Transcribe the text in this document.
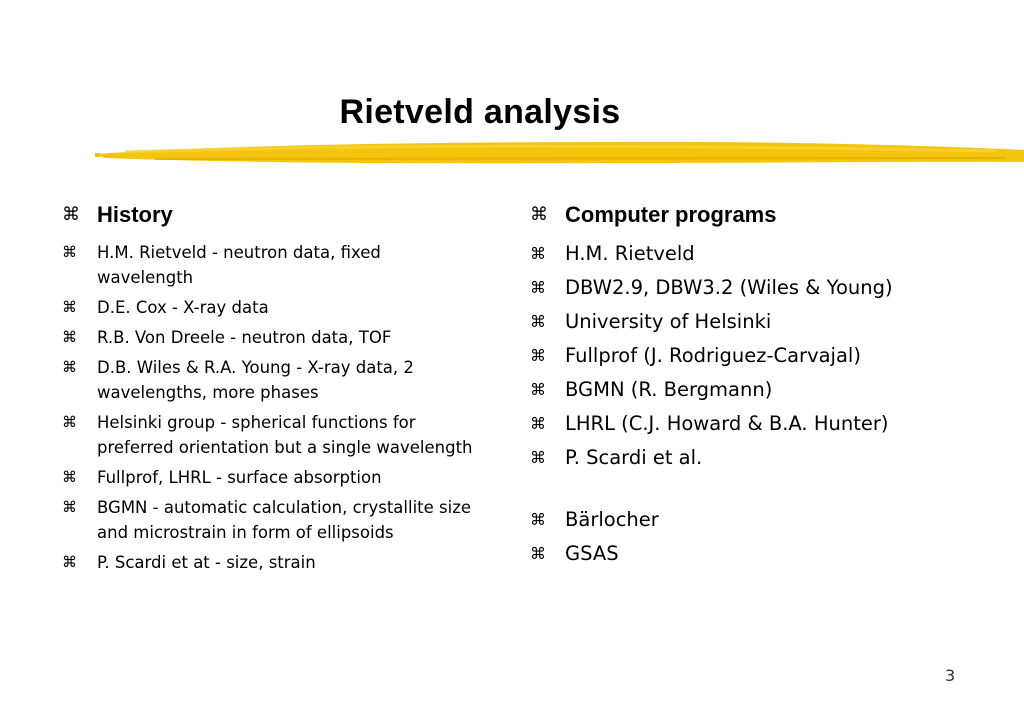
Rietveld analysis
⌘ History
⌘ H.M. Rietveld - neutron data, fixed wavelength
⌘ D.E. Cox - X-ray data
⌘ R.B. Von Dreele - neutron data, TOF
⌘ D.B. Wiles & R.A. Young - X-ray data, 2 wavelengths, more phases
⌘ Helsinki group - spherical functions for preferred orientation but a single wavelength
⌘ Fullprof, LHRL - surface absorption
⌘ BGMN - automatic calculation, crystallite size and microstrain in form of ellipsoids
⌘ P. Scardi et at - size, strain
⌘ Computer programs
⌘ H.M. Rietveld
⌘ DBW2.9, DBW3.2 (Wiles & Young)
⌘ University of Helsinki
⌘ Fullprof (J. Rodriguez-Carvajal)
⌘ BGMN (R. Bergmann)
⌘ LHRL (C.J. Howard & B.A. Hunter)
⌘ P. Scardi et al.
⌘ Bärlocher
⌘ GSAS
3
